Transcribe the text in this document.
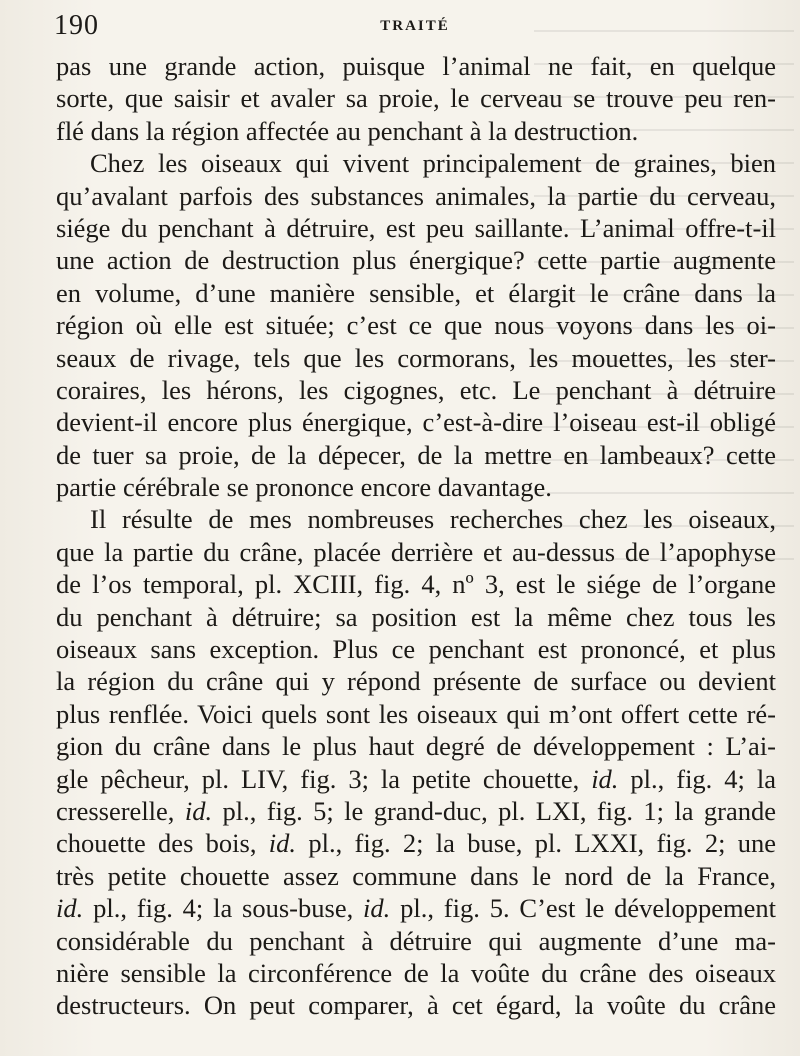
190	TRAITÉ
pas une grande action, puisque l’animal ne fait, en quelque
sorte, que saisir et avaler sa proie, le cerveau se trouve peu ren-
flé dans la région affectée au penchant à la destruction.
Chez les oiseaux qui vivent principalement de graines, bien
qu’avalant parfois des substances animales, la partie du cerveau,
siége du penchant à détruire, est peu saillante. L’animal offre-t-il
une action de destruction plus énergique? cette partie augmente
en volume, d’une manière sensible, et élargit le crâne dans la
région où elle est située; c’est ce que nous voyons dans les oi-
seaux de rivage, tels que les cormorans, les mouettes, les ster-
coraires, les hérons, les cigognes, etc. Le penchant à détruire
devient-il encore plus énergique, c’est-à-dire l’oiseau est-il obligé
de tuer sa proie, de la dépecer, de la mettre en lambeaux? cette
partie cérébrale se prononce encore davantage.
Il résulte de mes nombreuses recherches chez les oiseaux,
que la partie du crâne, placée derrière et au-dessus de l’apophyse
de l’os temporal, pl. XCIII, fig. 4, nº 3, est le siége de l’organe
du penchant à détruire; sa position est la même chez tous les
oiseaux sans exception. Plus ce penchant est prononcé, et plus
la région du crâne qui y répond présente de surface ou devient
plus renflée. Voici quels sont les oiseaux qui m’ont offert cette ré-
gion du crâne dans le plus haut degré de développement : L’ai-
gle pêcheur, pl. LIV, fig. 3; la petite chouette, id. pl., fig. 4; la
cresserelle, id. pl., fig. 5; le grand-duc, pl. LXI, fig. 1; la grande
chouette des bois, id. pl., fig. 2; la buse, pl. LXXI, fig. 2; une
très petite chouette assez commune dans le nord de la France,
id. pl., fig. 4; la sous-buse, id. pl., fig. 5. C’est le développement
considérable du penchant à détruire qui augmente d’une ma-
nière sensible la circonférence de la voûte du crâne des oiseaux
destructeurs. On peut comparer, à cet égard, la voûte du crâne
